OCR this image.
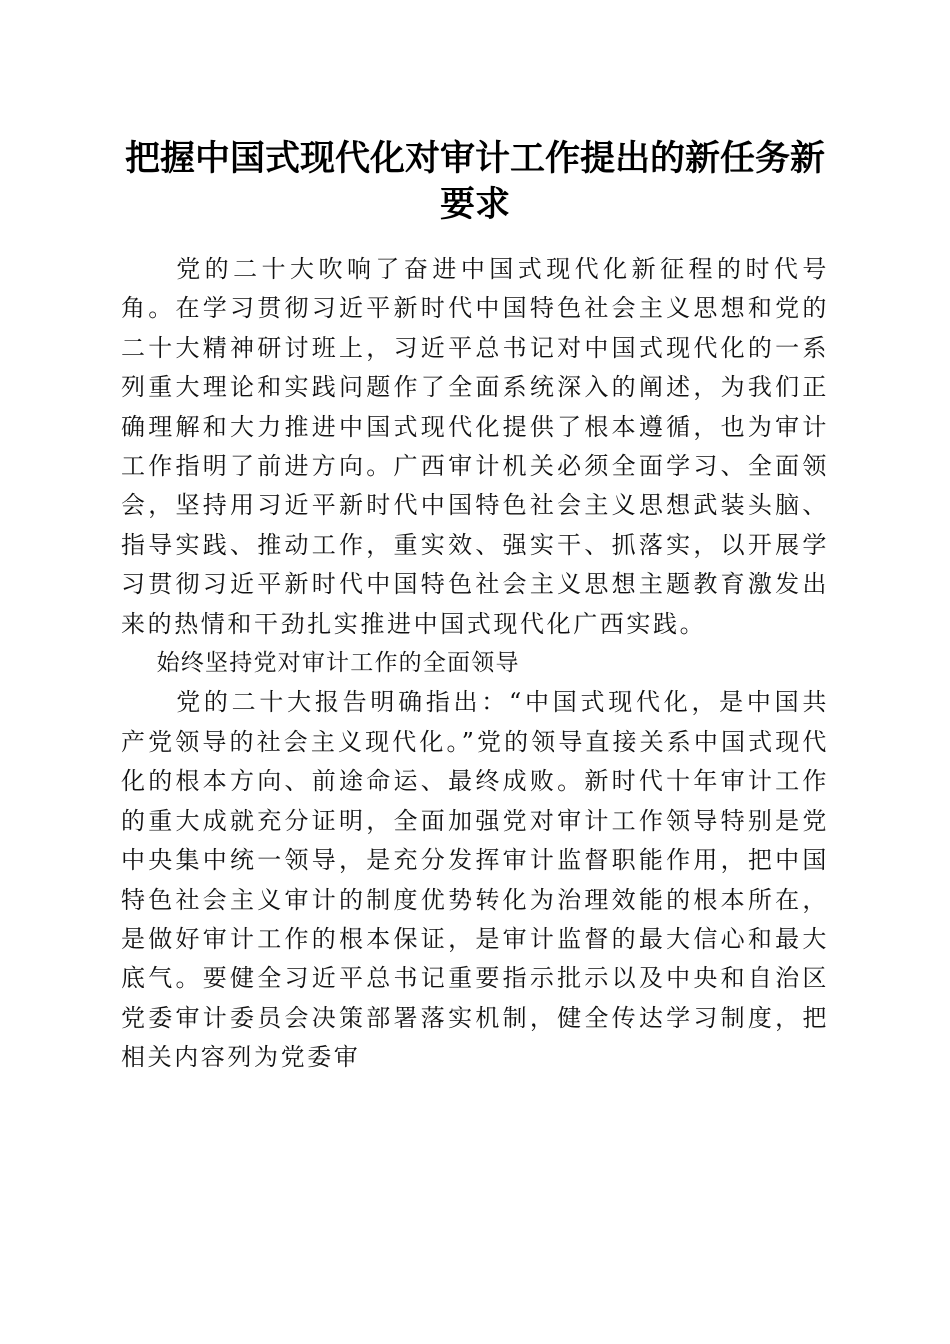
把握中国式现代化对审计工作提出的新任务新要求

党的二十大吹响了奋进中国式现代化新征程的时代号角。在学习贯彻习近平新时代中国特色社会主义思想和党的二十大精神研讨班上，习近平总书记对中国式现代化的一系列重大理论和实践问题作了全面系统深入的阐述，为我们正确理解和大力推进中国式现代化提供了根本遵循，也为审计工作指明了前进方向。广西审计机关必须全面学习、全面领会，坚持用习近平新时代中国特色社会主义思想武装头脑、指导实践、推动工作，重实效、强实干、抓落实，以开展学习贯彻习近平新时代中国特色社会主义思想主题教育激发出来的热情和干劲扎实推进中国式现代化广西实践。

始终坚持党对审计工作的全面领导

党的二十大报告明确指出：“中国式现代化，是中国共产党领导的社会主义现代化。”党的领导直接关系中国式现代化的根本方向、前途命运、最终成败。新时代十年审计工作的重大成就充分证明，全面加强党对审计工作领导特别是党中央集中统一领导，是充分发挥审计监督职能作用，把中国特色社会主义审计的制度优势转化为治理效能的根本所在，是做好审计工作的根本保证，是审计监督的最大信心和最大底气。要健全习近平总书记重要指示批示以及中央和自治区党委审计委员会决策部署落实机制，健全传达学习制度，把相关内容列为党委审
